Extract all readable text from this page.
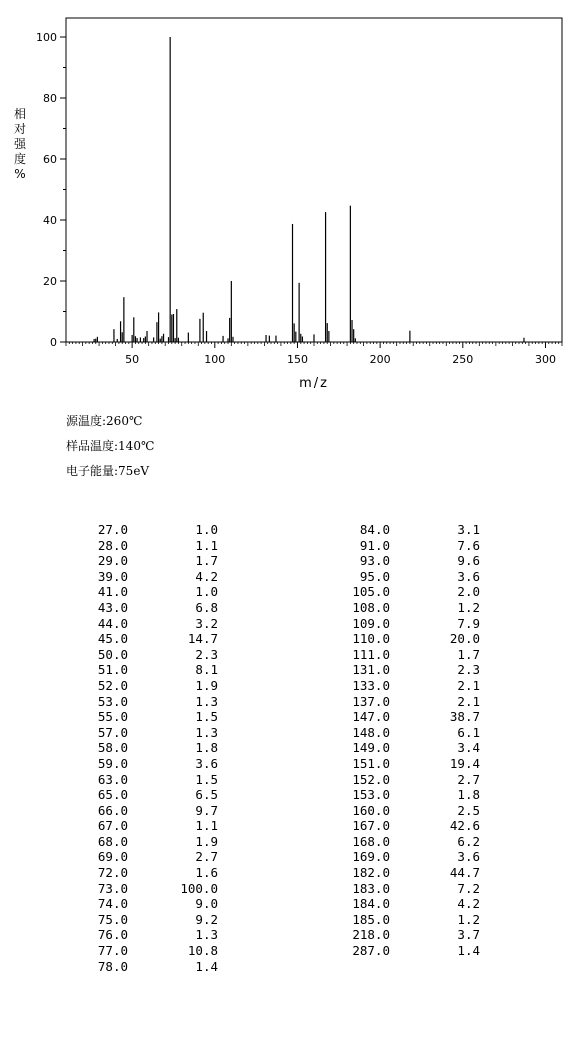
0
20
40
60
80
100
50	100	150	200	250	300
m/z
相对强度%
源温度:260℃
样品温度:140℃
电子能量:75eV
27.0	1.0
28.0	1.1
29.0	1.7
39.0	4.2
41.0	1.0
43.0	6.8
44.0	3.2
45.0	14.7
50.0	2.3
51.0	8.1
52.0	1.9
53.0	1.3
55.0	1.5
57.0	1.3
58.0	1.8
59.0	3.6
63.0	1.5
65.0	6.5
66.0	9.7
67.0	1.1
68.0	1.9
69.0	2.7
72.0	1.6
73.0	100.0
74.0	9.0
75.0	9.2
76.0	1.3
77.0	10.8
78.0	1.4
84.0	3.1
91.0	7.6
93.0	9.6
95.0	3.6
105.0	2.0
108.0	1.2
109.0	7.9
110.0	20.0
111.0	1.7
131.0	2.3
133.0	2.1
137.0	2.1
147.0	38.7
148.0	6.1
149.0	3.4
151.0	19.4
152.0	2.7
153.0	1.8
160.0	2.5
167.0	42.6
168.0	6.2
169.0	3.6
182.0	44.7
183.0	7.2
184.0	4.2
185.0	1.2
218.0	3.7
287.0	1.4
